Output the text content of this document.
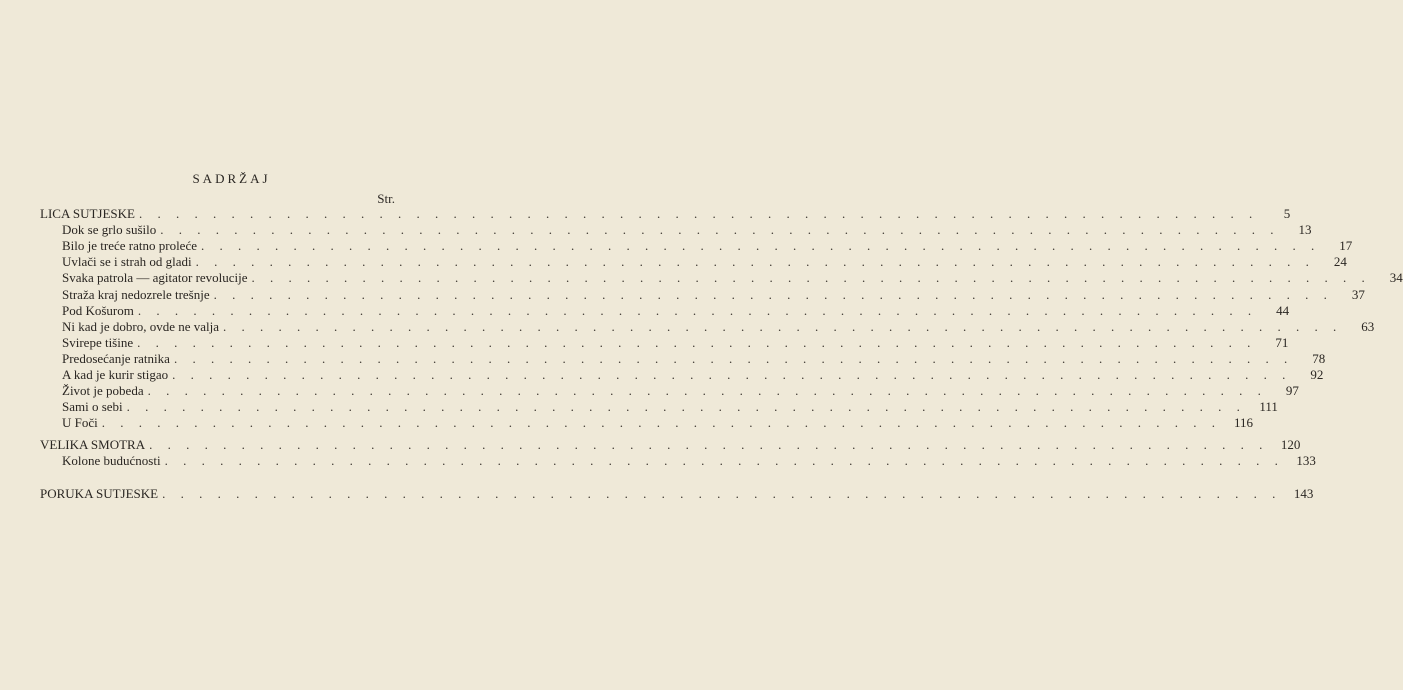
SADRŽAJ
Str.
LICA SUTJESKE . . . . . . . . . . . . . . . . . . . . . . . . . . . . . . . . . . . . . . . . . . . . . . . . . . . . . . . . . . . . .	5
Dok se grlo sušilo . . . . . . . . . . . . . . . . . . . . . . . . . . . . . . . . . . . . . . . . . . . . . . . . . . . . . . . . . . . . .	13
Bilo je treće ratno proleće . . . . . . . . . . . . . . . . . . . . . . . . . . . . . . . . . . . . . . . . . . . . . . . . . . . . . . . . . . . . .	17
Uvlači se i strah od gladi . . . . . . . . . . . . . . . . . . . . . . . . . . . . . . . . . . . . . . . . . . . . . . . . . . . . . . . . . . . . .	24
Svaka patrola — agitator revolucije . . . . . . . . . . . . . . . . . . . . . . . . . . . . . . . . . . . . . . . . . . . . . . . . . . . . . . . . . . . . .	34
Straža kraj nedozrele trešnje . . . . . . . . . . . . . . . . . . . . . . . . . . . . . . . . . . . . . . . . . . . . . . . . . . . . . . . . . . . . .	37
Pod Košurom . . . . . . . . . . . . . . . . . . . . . . . . . . . . . . . . . . . . . . . . . . . . . . . . . . . . . . . . . . . . .	44
Ni kad je dobro, ovde ne valja . . . . . . . . . . . . . . . . . . . . . . . . . . . . . . . . . . . . . . . . . . . . . . . . . . . . . . . . . . . . .	63
Svirepe tišine . . . . . . . . . . . . . . . . . . . . . . . . . . . . . . . . . . . . . . . . . . . . . . . . . . . . . . . . . . . . .	71
Predosećanje ratnika . . . . . . . . . . . . . . . . . . . . . . . . . . . . . . . . . . . . . . . . . . . . . . . . . . . . . . . . . . . . .	78
A kad je kurir stigao . . . . . . . . . . . . . . . . . . . . . . . . . . . . . . . . . . . . . . . . . . . . . . . . . . . . . . . . . . . . .	92
Život je pobeda . . . . . . . . . . . . . . . . . . . . . . . . . . . . . . . . . . . . . . . . . . . . . . . . . . . . . . . . . . . . .	97
Sami o sebi . . . . . . . . . . . . . . . . . . . . . . . . . . . . . . . . . . . . . . . . . . . . . . . . . . . . . . . . . . . . .	111
U Foči . . . . . . . . . . . . . . . . . . . . . . . . . . . . . . . . . . . . . . . . . . . . . . . . . . . . . . . . . . . . . 116
VELIKA SMOTRA . . . . . . . . . . . . . . . . . . . . . . . . . . . . . . . . . . . . . . . . . . . . . . . . . . . . . . . . . . . . . 120
Kolone budućnosti . . . . . . . . . . . . . . . . . . . . . . . . . . . . . . . . . . . . . . . . . . . . . . . . . . . . . . . . . . . . . 133
PORUKA SUTJESKE . . . . . . . . . . . . . . . . . . . . . . . . . . . . . . . . . . . . . . . . . . . . . . . . . . . . . . . . . . . . . 143
